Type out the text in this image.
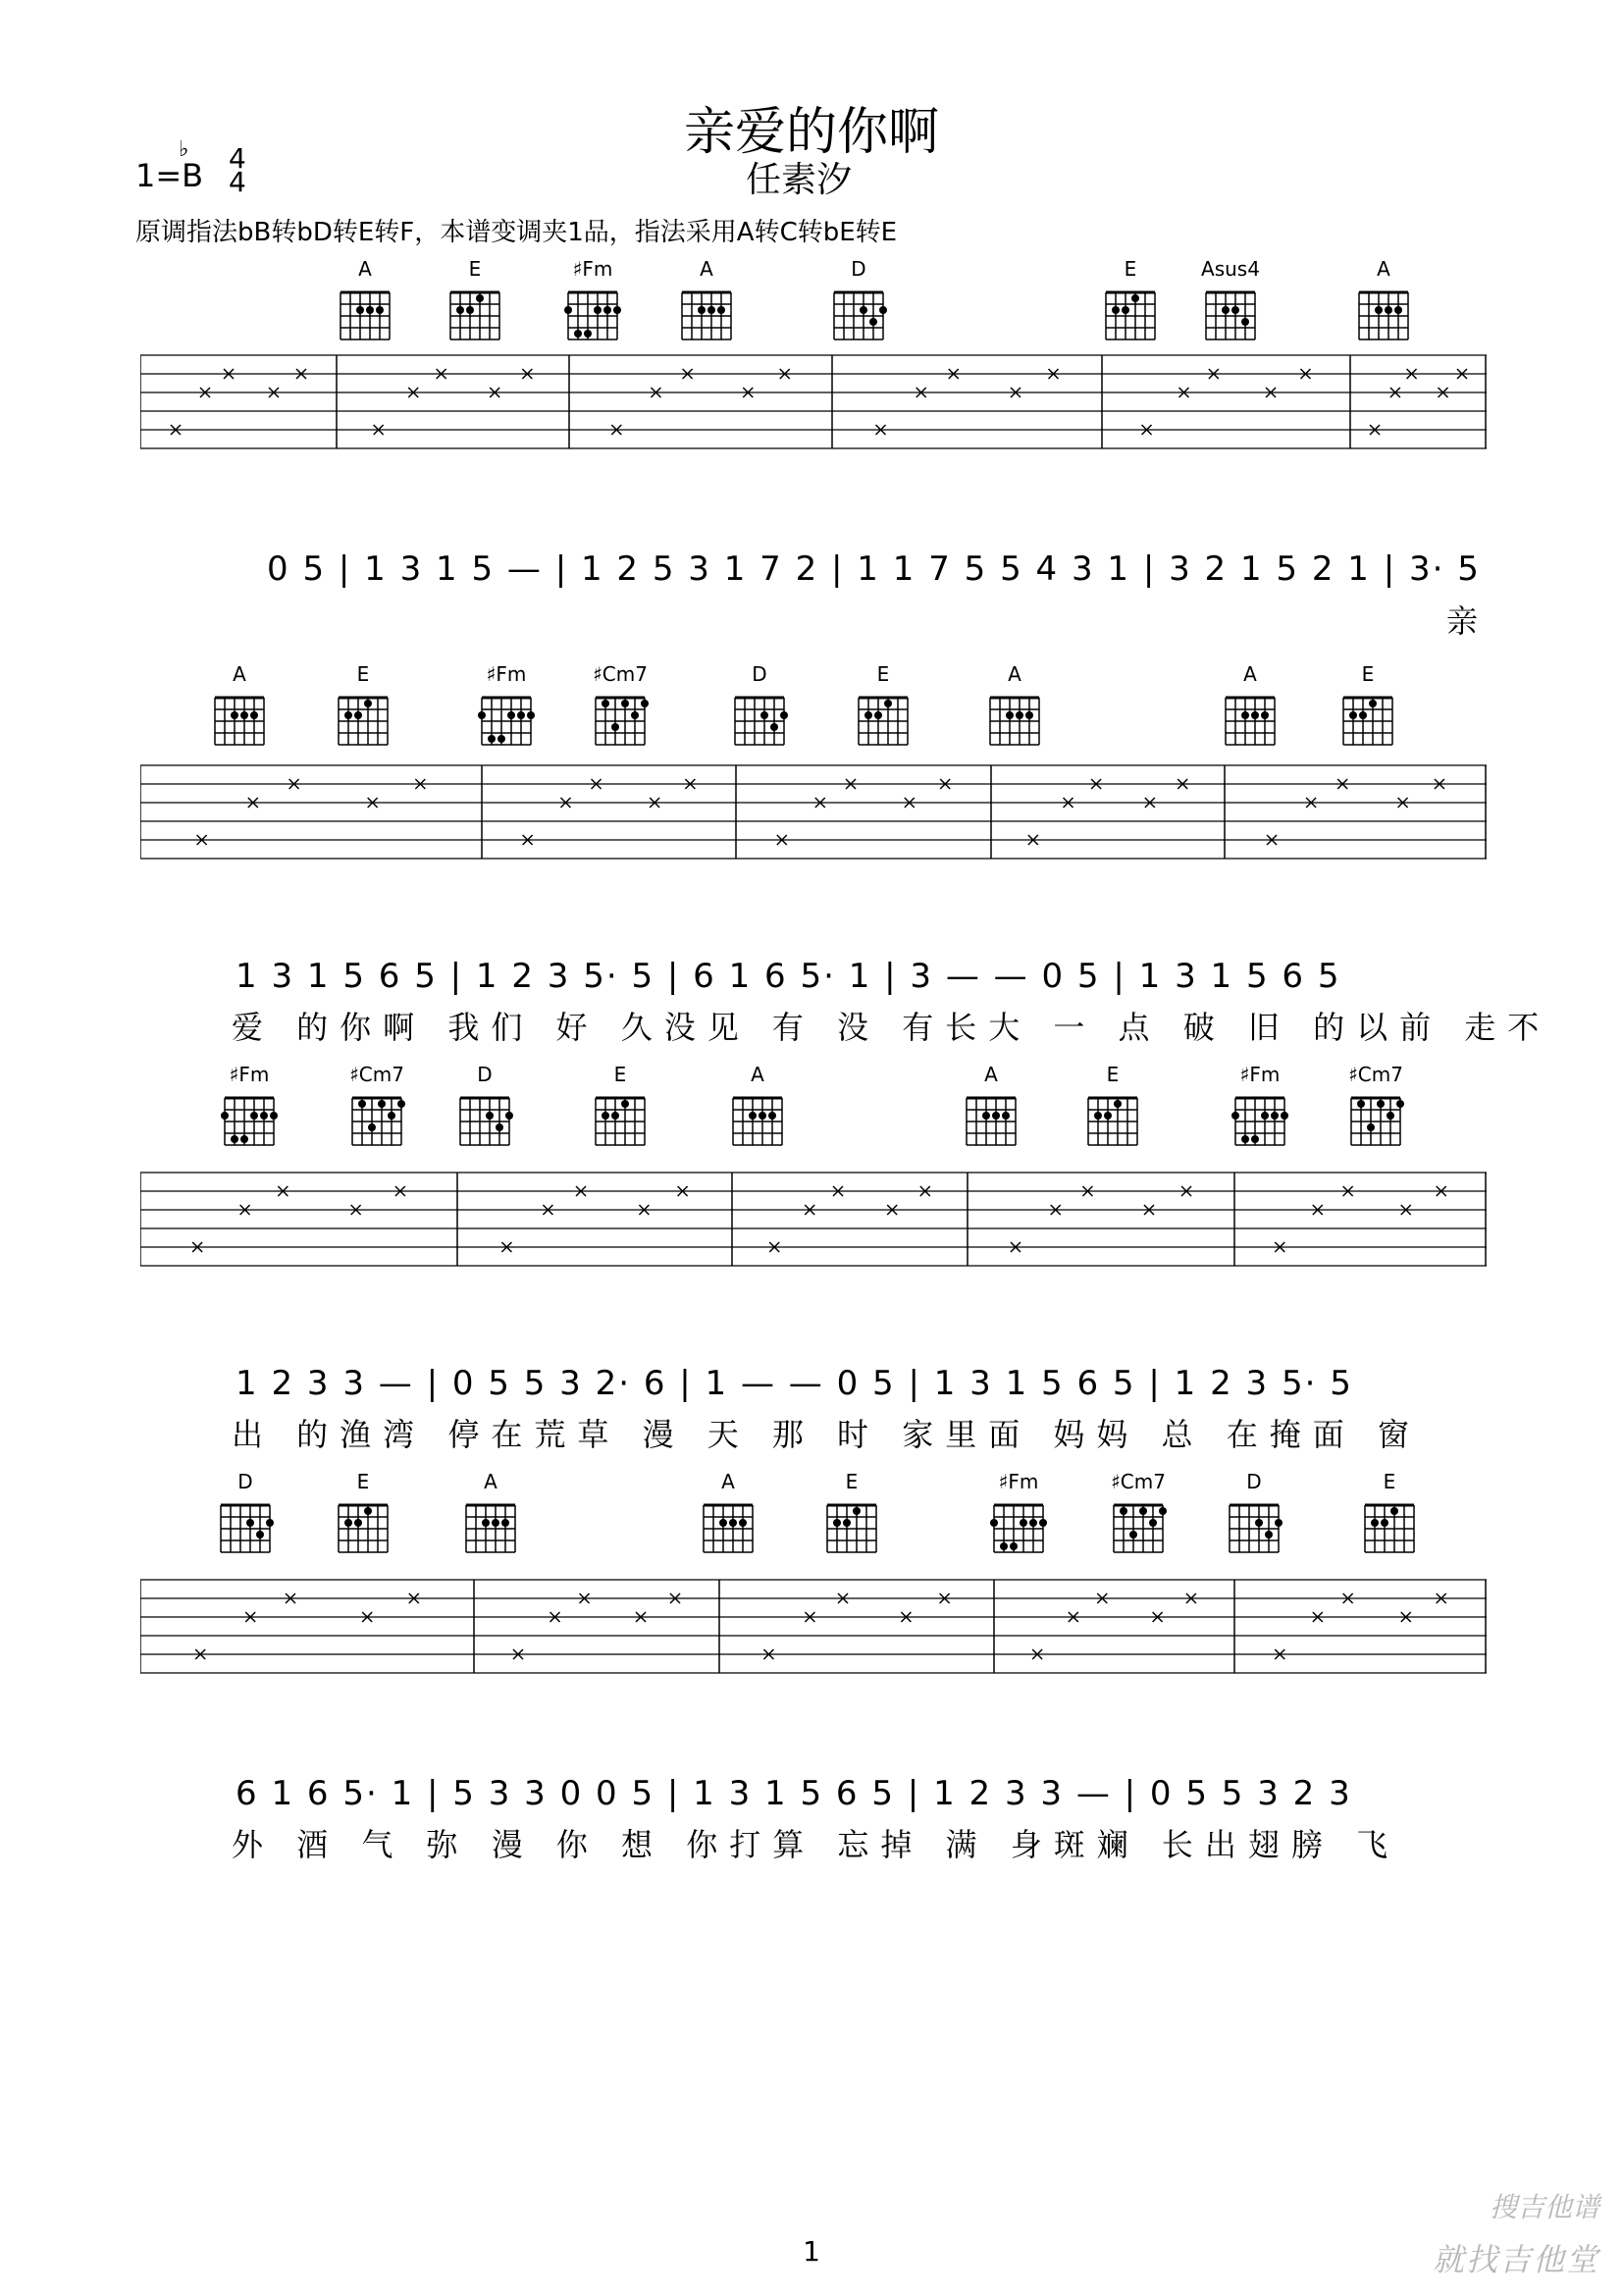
亲爱的你啊
任素汐
1=B
♭ 4
4
原调指法bB转bD转E转F，本谱变调夹1品，指法采用A转C转bE转E
A	E	♯Fm	A	D	E	Asus4	A
0 5 | 1 3 1 5 — | 1 2 5 3 1 7 2 | 1 1 7 5 5 4 3 1 | 3 2 1 5 2 1 | 3· 5
亲
A	E	♯Fm	♯Cm7	D	E	A	A	E
1 3 1 5 6 5 | 1 2 3 5· 5 | 6 1 6 5· 1 | 3 — — 0 5 | 1 3 1 5 6 5
爱 的你啊 我们 好 久没见 有 没 有长大 一 点 破 旧 的以前 走不
♯Fm	♯Cm7	D	E	A	A	E	♯Fm	♯Cm7
1 2 3 3 — | 0 5 5 3 2· 6 | 1 — — 0 5 | 1 3 1 5 6 5 | 1 2 3 5· 5
出 的渔湾 停在荒草 漫 天 那 时 家里面 妈妈 总 在掩面 窗
D	E	A	A	E	♯Fm	♯Cm7	D	E
6 1 6 5· 1 | 5 3 3 0 0 5 | 1 3 1 5 6 5 | 1 2 3 3 — | 0 5 5 3 2 3
外 酒 气 弥 漫 你 想 你打算 忘掉 满 身斑斓 长出翅膀 飞
1
搜吉他谱
就找吉他堂
